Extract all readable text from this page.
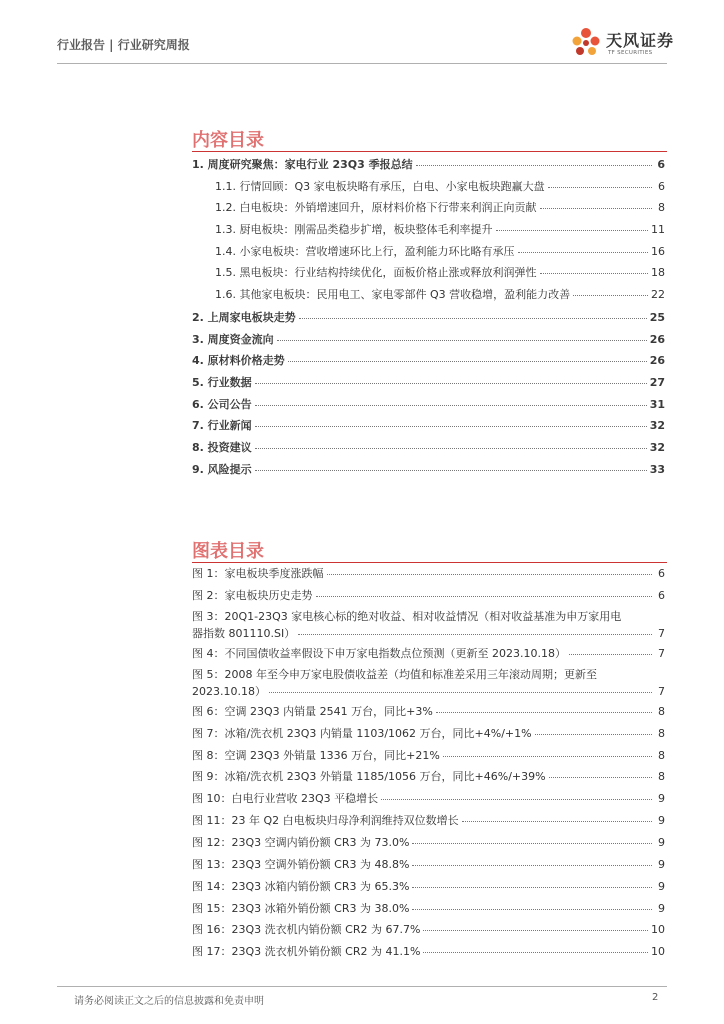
行业报告 | 行业研究周报	天风证券
TF SECURITIES
内容目录
1. 周度研究聚焦：家电行业 23Q3 季报总结	6
1.1. 行情回顾：Q3 家电板块略有承压，白电、小家电板块跑赢大盘	6
1.2. 白电板块：外销增速回升，原材料价格下行带来利润正向贡献	8
1.3. 厨电板块：刚需品类稳步扩增，板块整体毛利率提升	11
1.4. 小家电板块：营收增速环比上行，盈利能力环比略有承压	16
1.5. 黑电板块：行业结构持续优化，面板价格止涨或释放利润弹性	18
1.6. 其他家电板块：民用电工、家电零部件 Q3 营收稳增，盈利能力改善	22
2. 上周家电板块走势	25
3. 周度资金流向	26
4. 原材料价格走势	26
5. 行业数据	27
6. 公司公告	31
7. 行业新闻	32
8. 投资建议	32
9. 风险提示	33
图表目录
图 1：家电板块季度涨跌幅	6
图 2：家电板块历史走势	6
图 3：20Q1-23Q3 家电核心标的绝对收益、相对收益情况（相对收益基准为申万家用电
器指数 801110.SI）	7
图 4：不同国债收益率假设下申万家电指数点位预测（更新至 2023.10.18）	7
图 5：2008 年至今申万家电股债收益差（均值和标准差采用三年滚动周期；更新至
2023.10.18）	7
图 6：空调 23Q3 内销量 2541 万台，同比+3%	8
图 7：冰箱/洗衣机 23Q3 内销量 1103/1062 万台，同比+4%/+1%	8
图 8：空调 23Q3 外销量 1336 万台，同比+21%	8
图 9：冰箱/洗衣机 23Q3 外销量 1185/1056 万台，同比+46%/+39%	8
图 10：白电行业营收 23Q3 平稳增长	9
图 11：23 年 Q2 白电板块归母净利润维持双位数增长	9
图 12：23Q3 空调内销份额 CR3 为 73.0%	9
图 13：23Q3 空调外销份额 CR3 为 48.8%	9
图 14：23Q3 冰箱内销份额 CR3 为 65.3%	9
图 15：23Q3 冰箱外销份额 CR3 为 38.0%	9
图 16：23Q3 洗衣机内销份额 CR2 为 67.7%	10
图 17：23Q3 洗衣机外销份额 CR2 为 41.1%	10
请务必阅读正文之后的信息披露和免责申明	2
